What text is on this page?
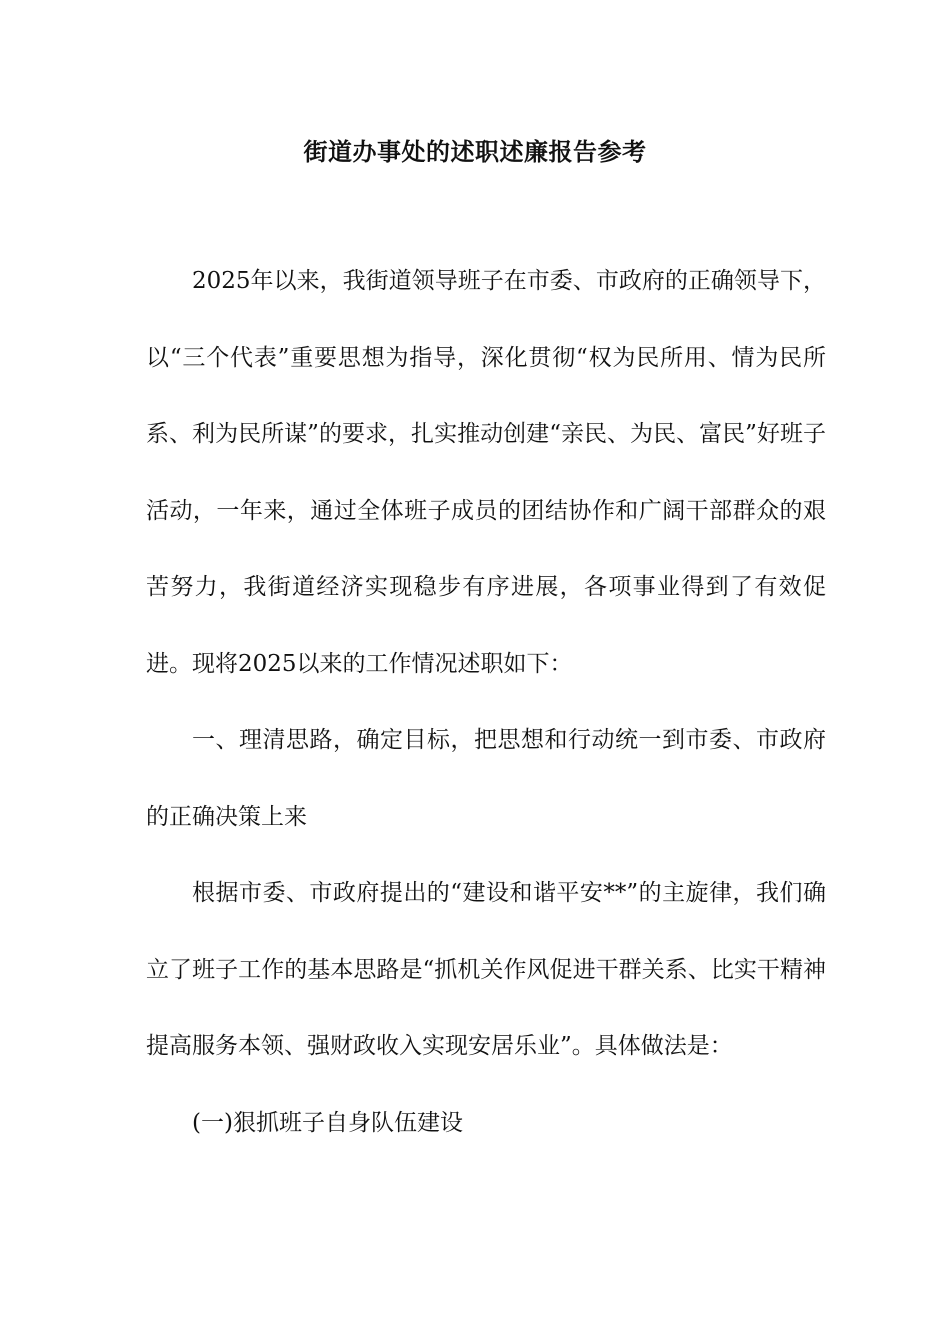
街道办事处的述职述廉报告参考

2025年以来，我街道领导班子在市委、市政府的正确领导下，以“三个代表”重要思想为指导，深化贯彻“权为民所用、情为民所系、利为民所谋”的要求，扎实推动创建“亲民、为民、富民”好班子活动，一年来，通过全体班子成员的团结协作和广阔干部群众的艰苦努力，我街道经济实现稳步有序进展，各项事业得到了有效促进。现将2025以来的工作情况述职如下：

一、理清思路，确定目标，把思想和行动统一到市委、市政府的正确决策上来

根据市委、市政府提出的“建设和谐平安**”的主旋律，我们确立了班子工作的基本思路是“抓机关作风促进干群关系、比实干精神提高服务本领、强财政收入实现安居乐业”。具体做法是：

(一)狠抓班子自身队伍建设
